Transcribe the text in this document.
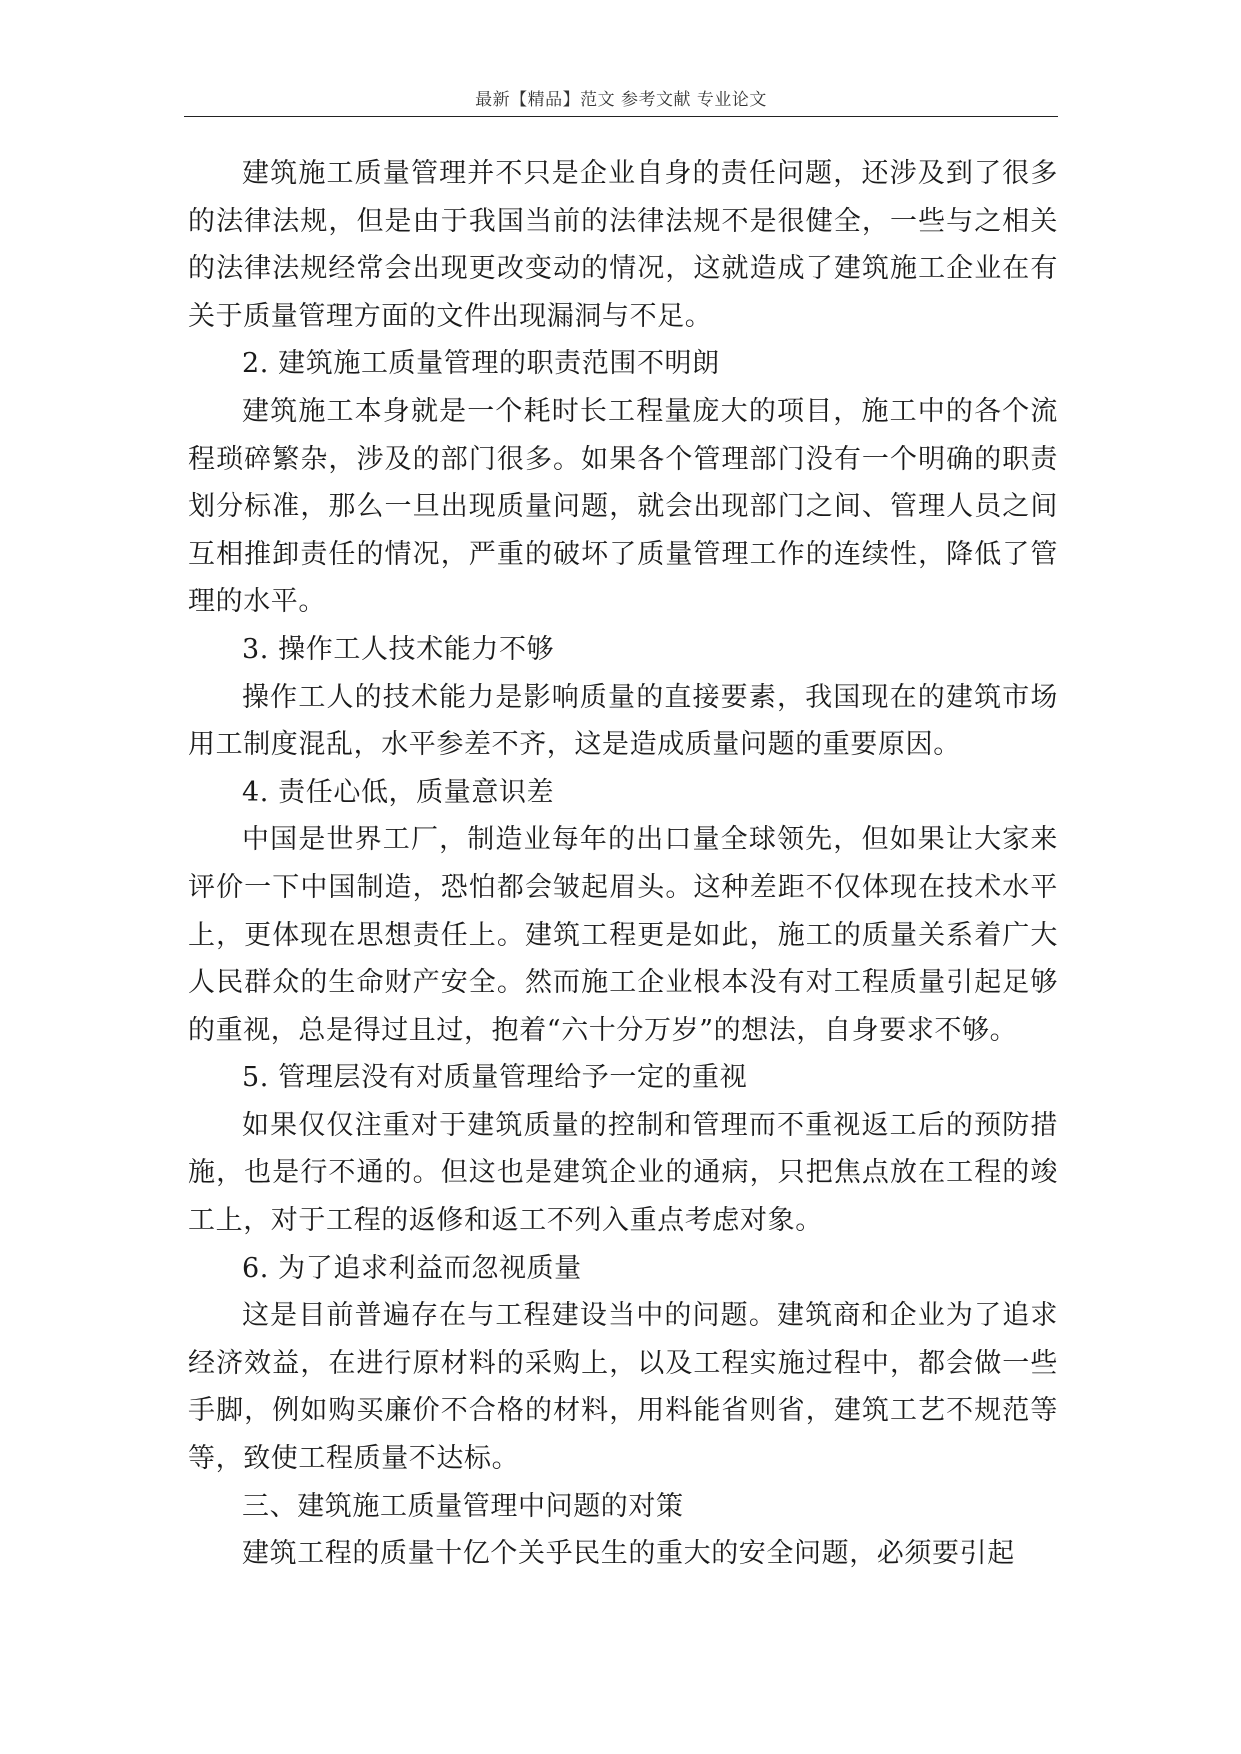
最新【精品】范文 参考文献 专业论文

建筑施工质量管理并不只是企业自身的责任问题，还涉及到了很多的法律法规，但是由于我国当前的法律法规不是很健全，一些与之相关的法律法规经常会出现更改变动的情况，这就造成了建筑施工企业在有关于质量管理方面的文件出现漏洞与不足。

2. 建筑施工质量管理的职责范围不明朗

建筑施工本身就是一个耗时长工程量庞大的项目，施工中的各个流程琐碎繁杂，涉及的部门很多。如果各个管理部门没有一个明确的职责划分标准，那么一旦出现质量问题，就会出现部门之间、管理人员之间互相推卸责任的情况，严重的破坏了质量管理工作的连续性，降低了管理的水平。

3. 操作工人技术能力不够

操作工人的技术能力是影响质量的直接要素，我国现在的建筑市场用工制度混乱，水平参差不齐，这是造成质量问题的重要原因。

4. 责任心低，质量意识差

中国是世界工厂，制造业每年的出口量全球领先，但如果让大家来评价一下中国制造，恐怕都会皱起眉头。这种差距不仅体现在技术水平上，更体现在思想责任上。建筑工程更是如此，施工的质量关系着广大人民群众的生命财产安全。然而施工企业根本没有对工程质量引起足够的重视，总是得过且过，抱着“六十分万岁”的想法，自身要求不够。

5. 管理层没有对质量管理给予一定的重视

如果仅仅注重对于建筑质量的控制和管理而不重视返工后的预防措施，也是行不通的。但这也是建筑企业的通病，只把焦点放在工程的竣工上，对于工程的返修和返工不列入重点考虑对象。

6. 为了追求利益而忽视质量

这是目前普遍存在与工程建设当中的问题。建筑商和企业为了追求经济效益，在进行原材料的采购上，以及工程实施过程中，都会做一些手脚，例如购买廉价不合格的材料，用料能省则省，建筑工艺不规范等等，致使工程质量不达标。

三、建筑施工质量管理中问题的对策

建筑工程的质量十亿个关乎民生的重大的安全问题，必须要引起
